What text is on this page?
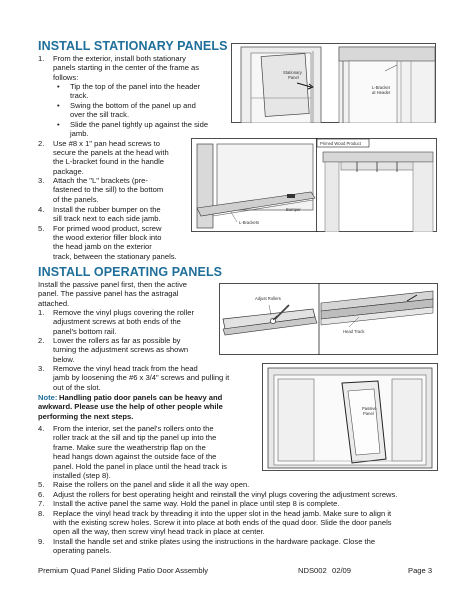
INSTALL STATIONARY PANELS
1. From the exterior, install both stationary
panels starting in the center of the frame as
follows:
• Tip the top of the panel into the header
track.
• Swing the bottom of the panel up and
over the sill track.
• Slide the panel tightly up against the side
jamb.
2. Use #8 x 1" pan head screws to
secure the panels at the head with
the L-bracket found in the handle
package.
3. Attach the "L" brackets (pre-
fastened to the sill) to the bottom
of the panels.
4. Install the rubber bumper on the
sill track next to each side jamb.
5. For primed wood product, screw
the wood exterior filler block into
the head jamb on the exterior
track, between the stationary panels.
INSTALL OPERATING PANELS
Install the passive panel first, then the active
panel. The passive panel has the astragal
attached.
1. Remove the vinyl plugs covering the roller
adjustment screws at both ends of the
panel's bottom rail.
2. Lower the rollers as far as possible by
turning the adjustment screws as shown
below.
3. Remove the vinyl head track from the head
jamb by loosening the #6 x 3/4" screws and pulling it
out of the slot.
Note: Handling patio door panels can be heavy and
awkward. Please use the help of other people while
performing the next steps.
4. From the interior, set the panel's rollers onto the
roller track at the sill and tip the panel up into the
frame. Make sure the weatherstrip flap on the
head hangs down against the outside face of the
panel. Hold the panel in place until the head track is
installed (step 8).
5. Raise the rollers on the panel and slide it all the way open.
6. Adjust the rollers for best operating height and reinstall the vinyl plugs covering the adjustment screws.
7. Install the active panel the same way. Hold the panel in place until step 8 is complete.
8. Replace the vinyl head track by threading it into the upper slot in the head jamb. Make sure to align it
with the existing screw holes. Screw it into place at both ends of the quad door. Slide the door panels
open all the way, then screw vinyl head track in place at center.
9. Install the handle set and strike plates using the instructions in the hardware package. Close the
operating panels.
Stationary
Panel
L-Bracket
at Header
Bumper
L-Brackets
Primed Wood Product
Adjust Rollers
Head Track
Passive
Panel
Premium Quad Panel Sliding Patio Door Assembly	NDS002 02/09	Page 3
